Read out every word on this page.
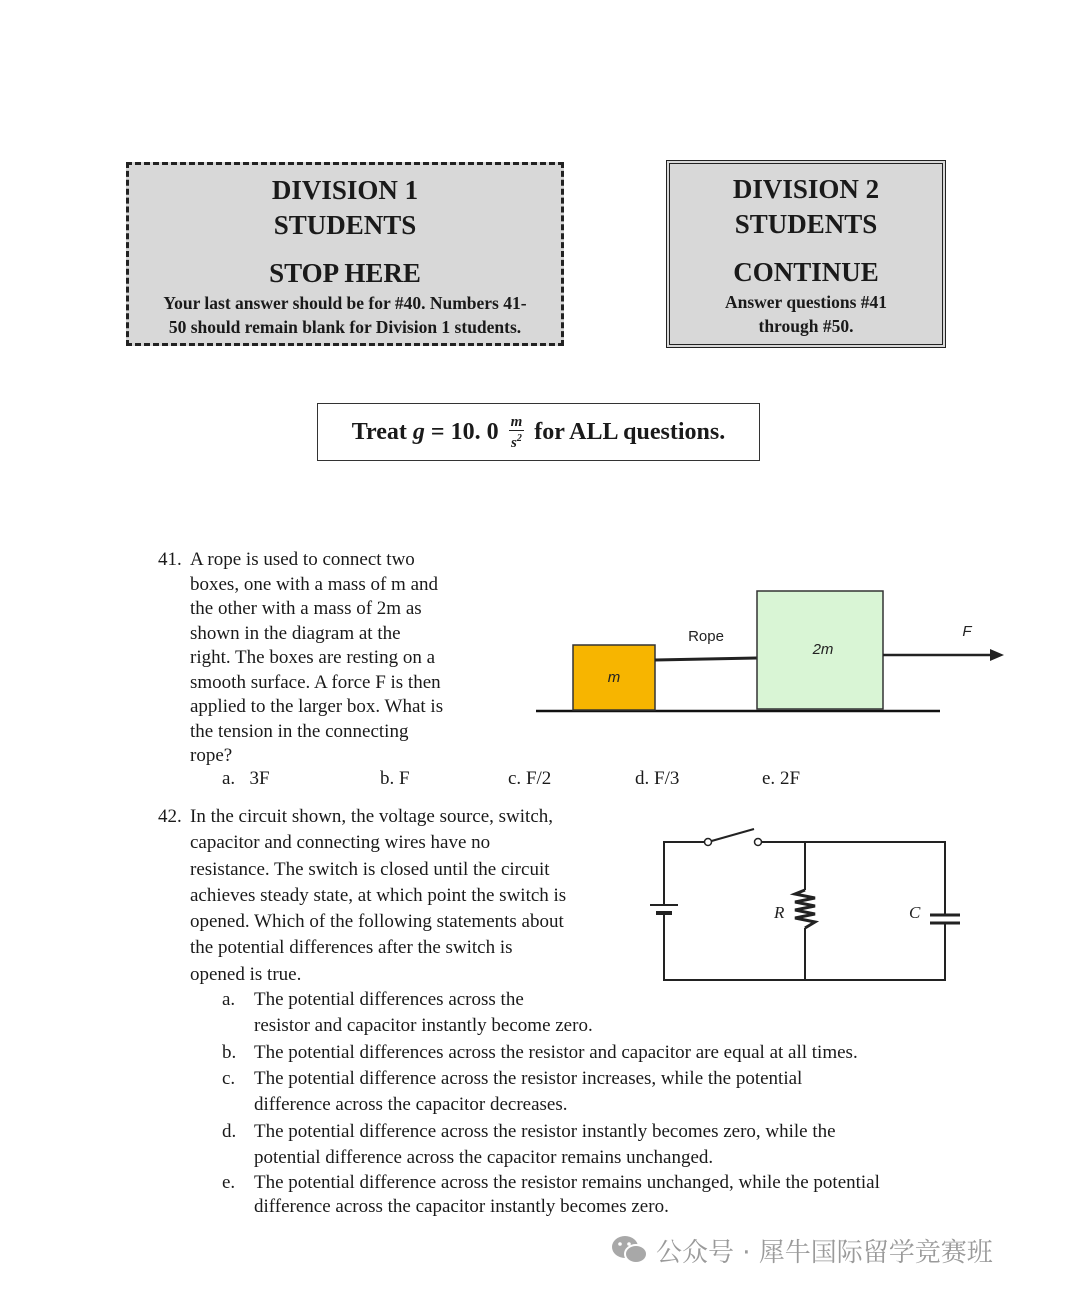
DIVISION 1
STUDENTS
STOP HERE
Your last answer should be for #40. Numbers 41-
50 should remain blank for Division 1 students.
DIVISION 2
STUDENTS
CONTINUE
Answer questions #41
through #50.
Treat g = 10. $0 \frac{m}{s^2}$ for ALL questions.
41. A rope is used to connect two
boxes, one with a mass of m and
the other with a mass of 2m as
shown in the diagram at the
right. The boxes are resting on a
smooth surface. A force F is then
applied to the larger box. What is
the tension in the connecting
rope?
a. 3F	b. F	c. F/2	d. F/3	e. 2F
m
Rope
2m
F
42. In the circuit shown, the voltage source, switch,
capacitor and connecting wires have no
resistance. The switch is closed until the circuit
achieves steady state, at which point the switch is
opened. Which of the following statements about
the potential differences after the switch is
opened is true.
R	C
a. The potential differences across the
resistor and capacitor instantly become zero.
b. The potential differences across the resistor and capacitor are equal at all times.
c. The potential difference across the resistor increases, while the potential
difference across the capacitor decreases.
d. The potential difference across the resistor instantly becomes zero, while the
potential difference across the capacitor remains unchanged.
e. The potential difference across the resistor remains unchanged, while the potential
difference across the capacitor instantly becomes zero.
公众号 · 犀牛国际留学竞赛班
